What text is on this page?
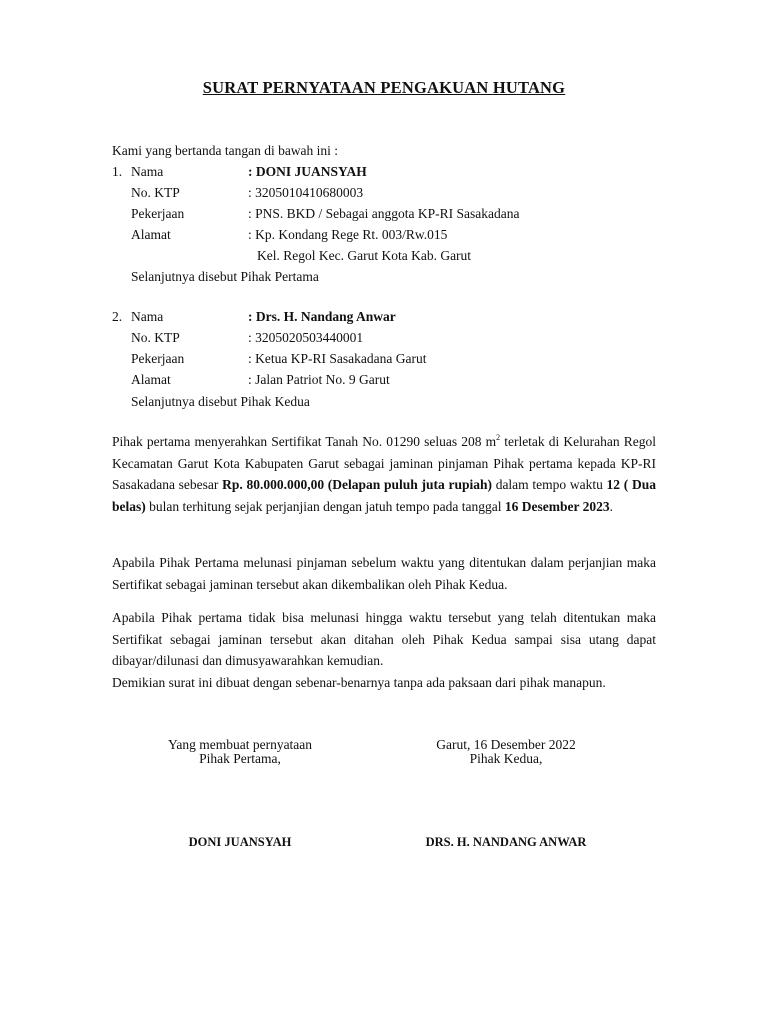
SURAT PERNYATAAN PENGAKUAN HUTANG
Kami yang bertanda tangan di bawah ini :
1. Nama	: DONI JUANSYAH
No. KTP	: 3205010410680003
Pekerjaan	: PNS. BKD / Sebagai anggota KP-RI Sasakadana
Alamat	: Kp. Kondang Rege Rt. 003/Rw.015
Kel. Regol Kec. Garut Kota Kab. Garut
Selanjutnya disebut Pihak Pertama
2. Nama	: Drs. H. Nandang Anwar
No. KTP	: 3205020503440001
Pekerjaan	: Ketua KP-RI Sasakadana Garut
Alamat	: Jalan Patriot No. 9 Garut
Selanjutnya disebut Pihak Kedua
Pihak pertama menyerahkan Sertifikat Tanah No. 01290 seluas 208 $m^2$ terletak di Kelurahan Regol Kecamatan Garut Kota Kabupaten Garut sebagai jaminan pinjaman Pihak pertama kepada KP-RI Sasakadana sebesar Rp. 80.000.000,00 (Delapan puluh juta rupiah) dalam tempo waktu 12 ( Dua belas) bulan terhitung sejak perjanjian dengan jatuh tempo pada tanggal 16 Desember 2023.
Apabila Pihak Pertama melunasi pinjaman sebelum waktu yang ditentukan dalam perjanjian maka Sertifikat sebagai jaminan tersebut akan dikembalikan oleh Pihak Kedua.
Apabila Pihak pertama tidak bisa melunasi hingga waktu tersebut yang telah ditentukan maka Sertifikat sebagai jaminan tersebut akan ditahan oleh Pihak Kedua sampai sisa utang dapat dibayar/dilunasi dan dimusyawarahkan kemudian.
Demikian surat ini dibuat dengan sebenar-benarnya tanpa ada paksaan dari pihak manapun.
Yang membuat pernyataan
Pihak Pertama,
Garut, 16 Desember 2022
Pihak Kedua,
DONI JUANSYAH	DRS. H. NANDANG ANWAR
